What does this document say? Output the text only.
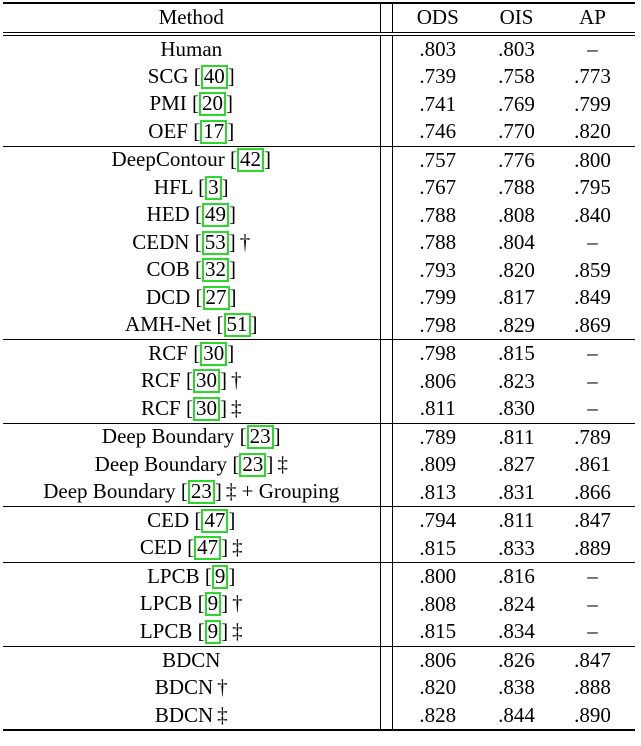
Method		ODS	OIS	AP
Human		.803	.803	–
SCG [ 40 ]		.739	.758	.773
PMI [ 20 ]		.741	.769	.799
OEF [ 17 ]		.746	.770	.820
DeepContour [ 42 ]		.757	.776	.800
HFL [ 3 ]		.767	.788	.795
HED [ 49 ]		.788	.808	.840
CEDN [ 53 ] †		.788	.804	–
COB [ 32 ]		.793	.820	.859
DCD [ 27 ]		.799	.817	.849
AMH-Net [ 51 ]		.798	.829	.869
RCF [ 30 ]		.798	.815	–
RCF [ 30 ] †		.806	.823	–
RCF [ 30 ] ‡		.811	.830	–
Deep Boundary [ 23 ]		.789	.811	.789
Deep Boundary [ 23 ] ‡		.809	.827	.861
Deep Boundary [ 23 ] ‡ + Grouping		.813	.831	.866
CED [ 47 ]		.794	.811	.847
CED [ 47 ] ‡		.815	.833	.889
LPCB [ 9 ]		.800	.816	–
LPCB [ 9 ] †		.808	.824	–
LPCB [ 9 ] ‡		.815	.834	–
BDCN		.806	.826	.847
BDCN †		.820	.838	.888
BDCN ‡		.828	.844	.890
